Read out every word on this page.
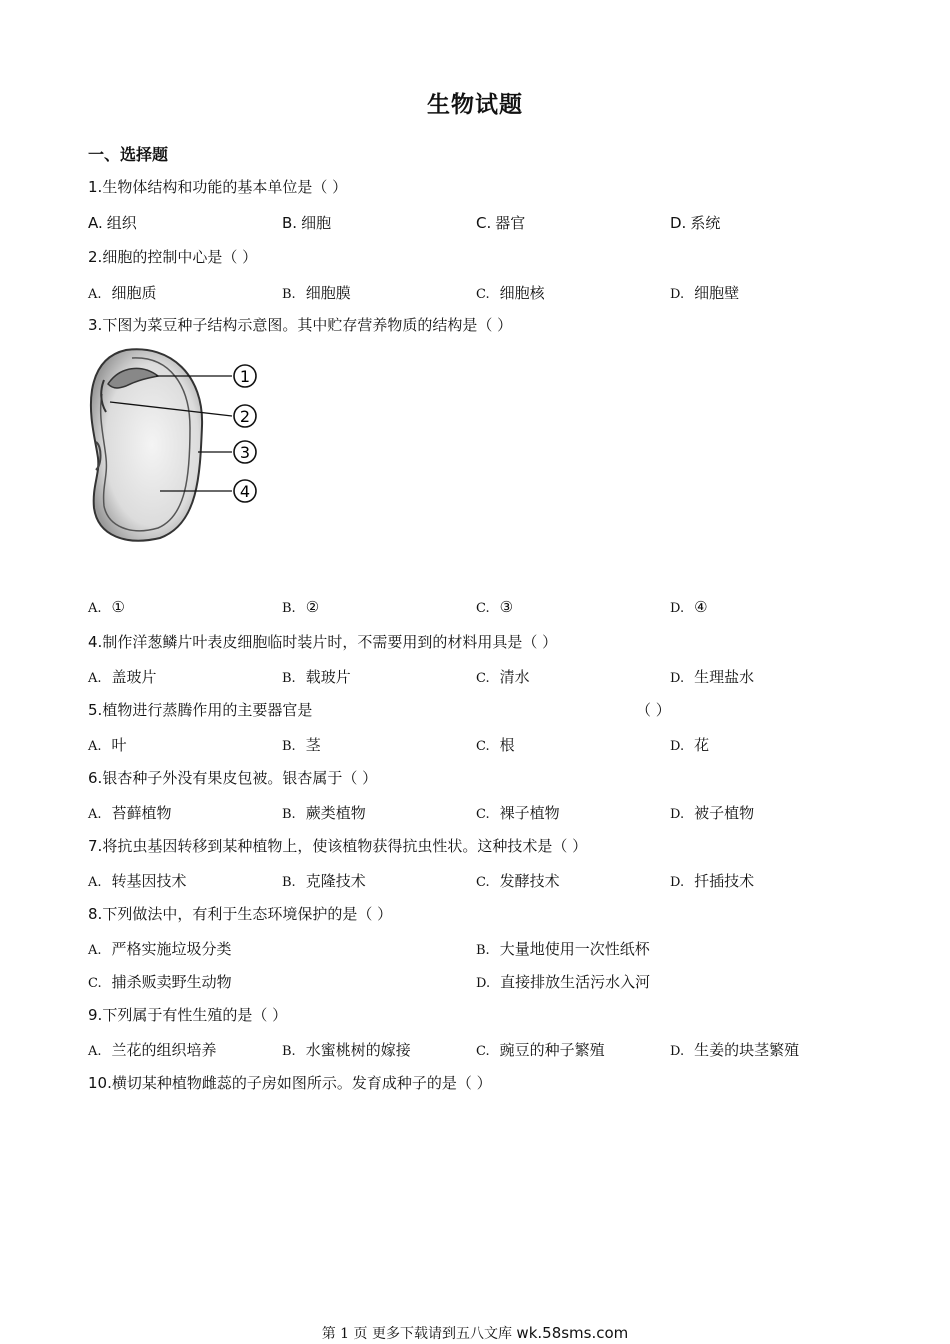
生物试题
一、选择题
1.生物体结构和功能的基本单位是（ ）
A. 组织	B. 细胞	C. 器官	D. 系统
2.细胞的控制中心是（ ）
A. 细胞质	B. 细胞膜	C. 细胞核	D. 细胞壁
3.下图为菜豆种子结构示意图。其中贮存营养物质的结构是（ ）
1
2
3
4
A. ①	B. ②	C. ③	D. ④
4.制作洋葱鳞片叶表皮细胞临时装片时，不需要用到的材料用具是（ ）
A. 盖玻片	B. 载玻片	C. 清水	D. 生理盐水
5.植物进行蒸腾作用的主要器官是	（ ）
A. 叶	B. 茎	C. 根	D. 花
6.银杏种子外没有果皮包被。银杏属于（ ）
A. 苔藓植物	B. 蕨类植物	C. 裸子植物	D. 被子植物
7.将抗虫基因转移到某种植物上，使该植物获得抗虫性状。这种技术是（ ）
A. 转基因技术	B. 克隆技术	C. 发酵技术	D. 扦插技术
8.下列做法中，有利于生态环境保护的是（ ）
A. 严格实施垃圾分类	B. 大量地使用一次性纸杯
C. 捕杀贩卖野生动物	D. 直接排放生活污水入河
9.下列属于有性生殖的是（ ）
A. 兰花的组织培养	B. 水蜜桃树的嫁接	C. 豌豆的种子繁殖	D. 生姜的块茎繁殖
10.横切某种植物雌蕊的子房如图所示。发育成种子的是（ ）
第 1 页 更多下载请到五八文库 wk.58sms.com
